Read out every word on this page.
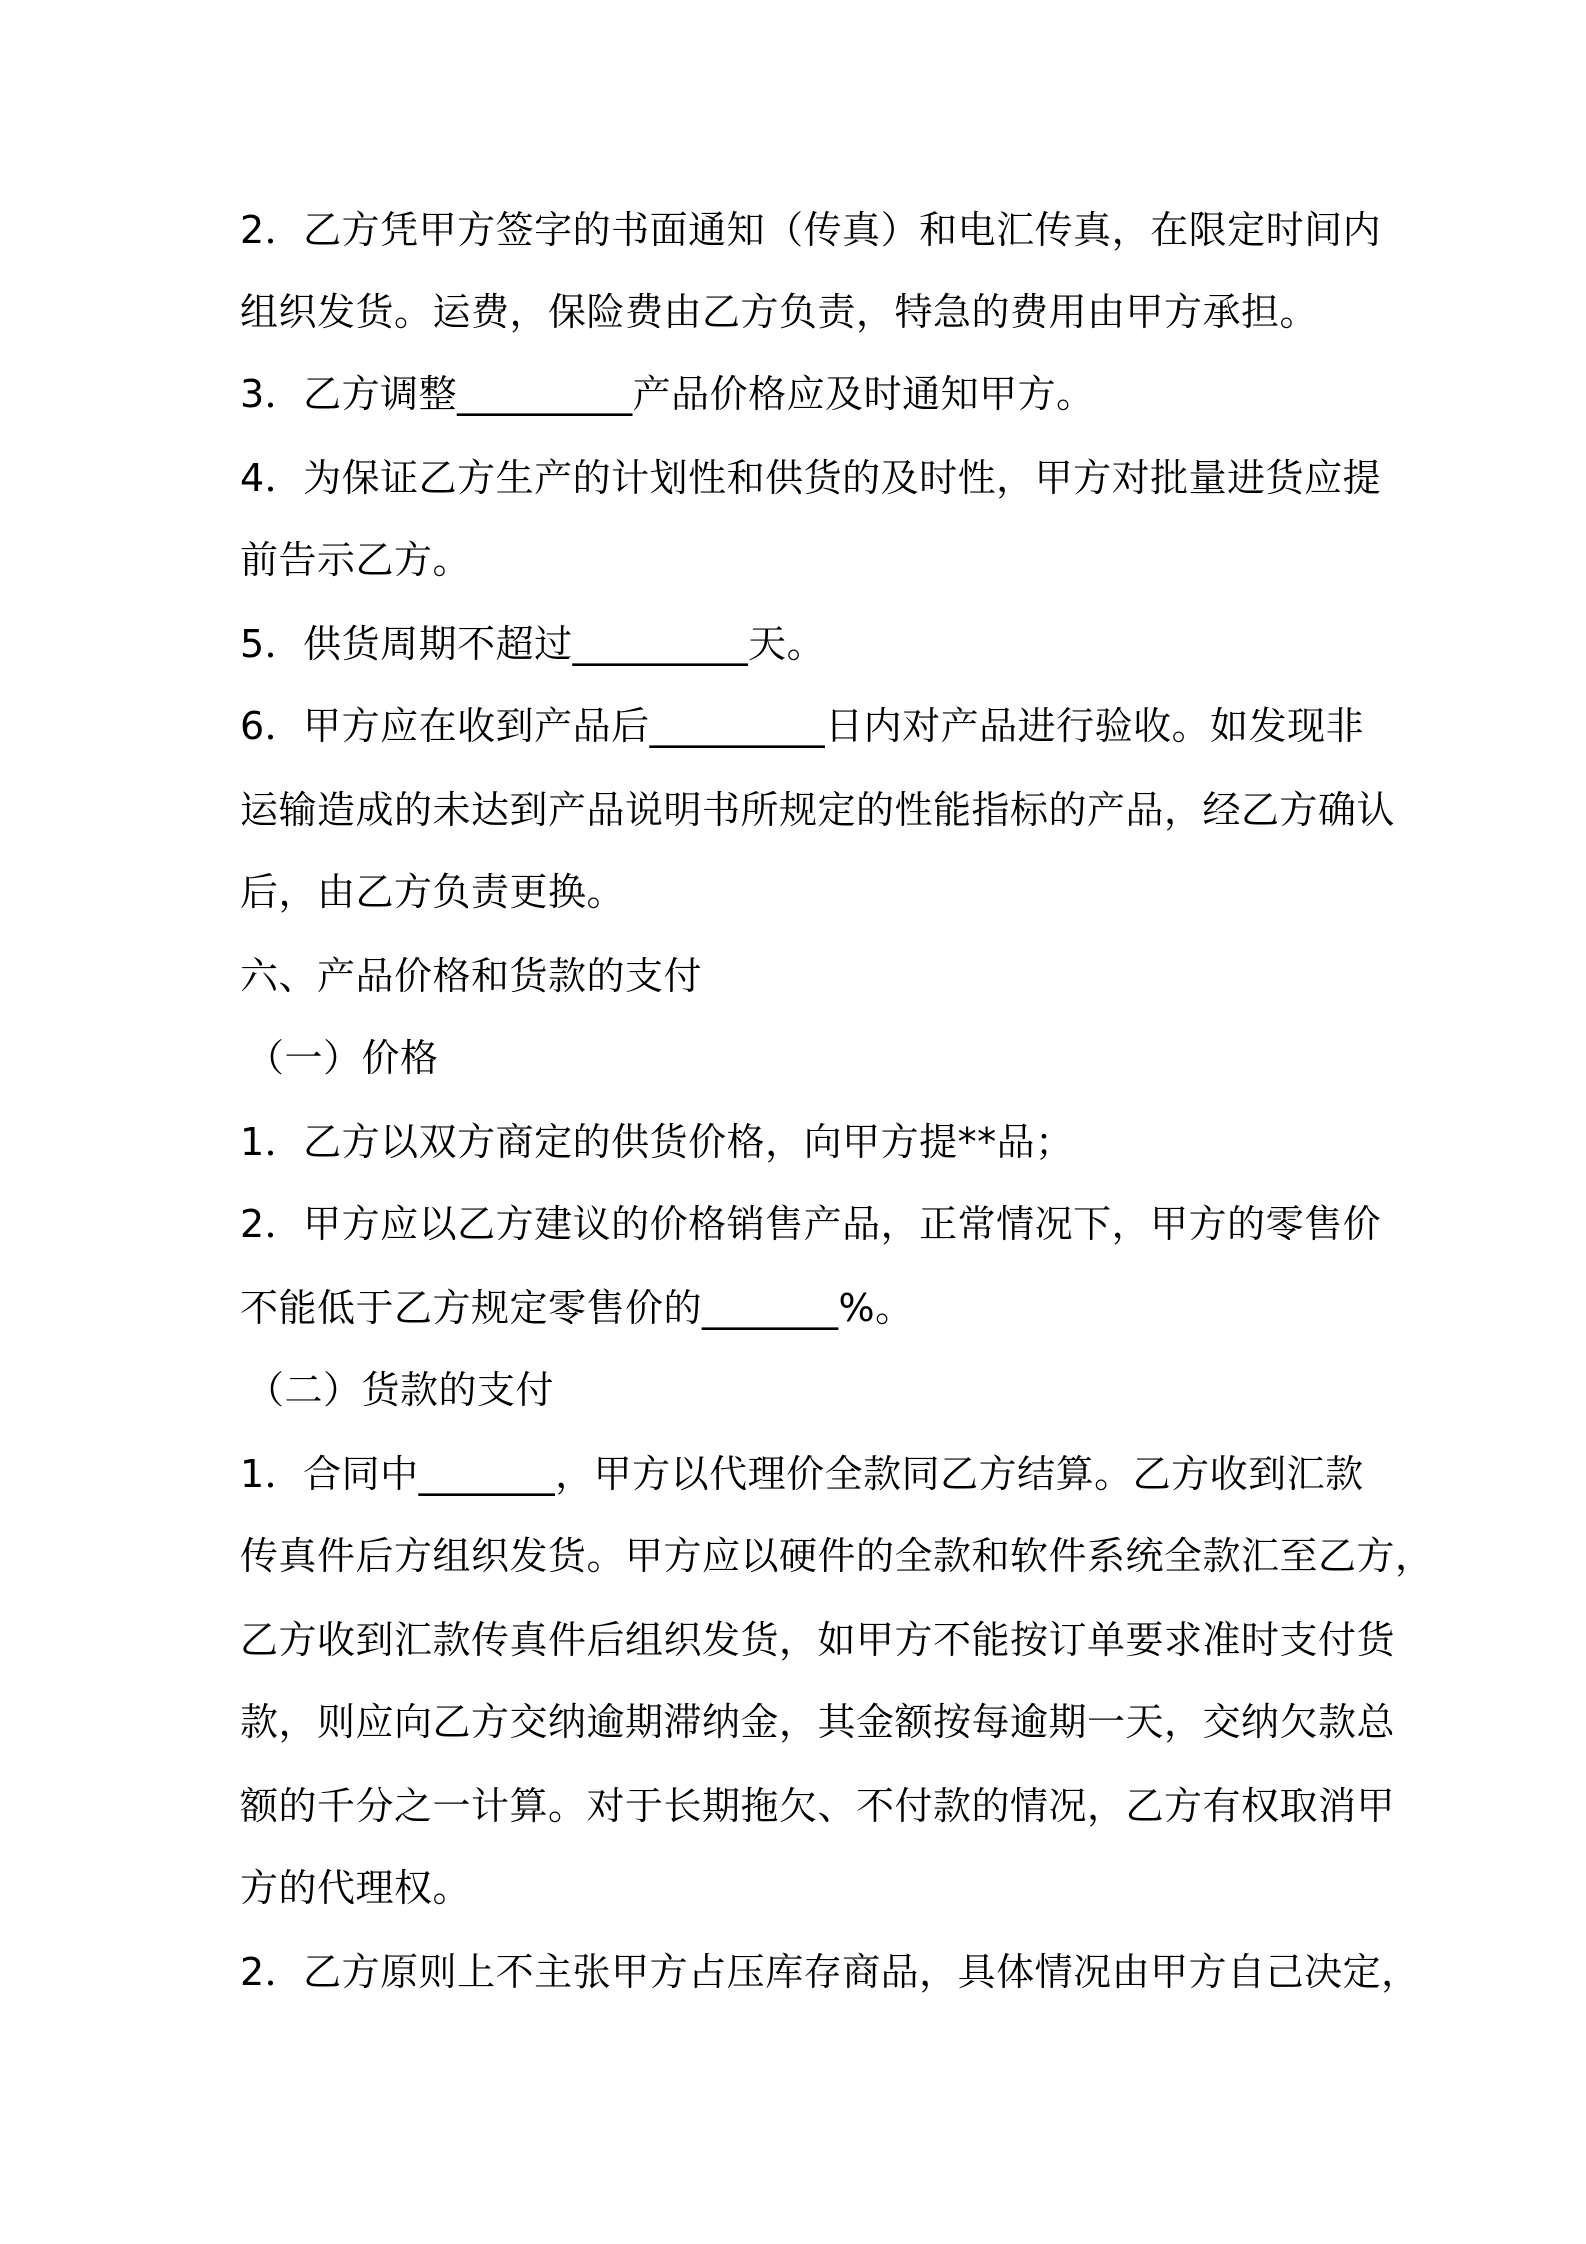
2．乙方凭甲方签字的书面通知（传真）和电汇传真，在限定时间内
组织发货。运费，保险费由乙方负责，特急的费用由甲方承担。
3．乙方调整_________产品价格应及时通知甲方。
4．为保证乙方生产的计划性和供货的及时性，甲方对批量进货应提
前告示乙方。
5．供货周期不超过_________天。
6．甲方应在收到产品后_________日内对产品进行验收。如发现非
运输造成的未达到产品说明书所规定的性能指标的产品，经乙方确认
后，由乙方负责更换。
六、产品价格和货款的支付
（一）价格
1．乙方以双方商定的供货价格，向甲方提**品；
2．甲方应以乙方建议的价格销售产品，正常情况下，甲方的零售价
不能低于乙方规定零售价的_______%。
（二）货款的支付
1．合同中_______，甲方以代理价全款同乙方结算。乙方收到汇款
传真件后方组织发货。甲方应以硬件的全款和软件系统全款汇至乙方，
乙方收到汇款传真件后组织发货，如甲方不能按订单要求准时支付货
款，则应向乙方交纳逾期滞纳金，其金额按每逾期一天，交纳欠款总
额的千分之一计算。对于长期拖欠、不付款的情况，乙方有权取消甲
方的代理权。
2．乙方原则上不主张甲方占压库存商品，具体情况由甲方自己决定，
